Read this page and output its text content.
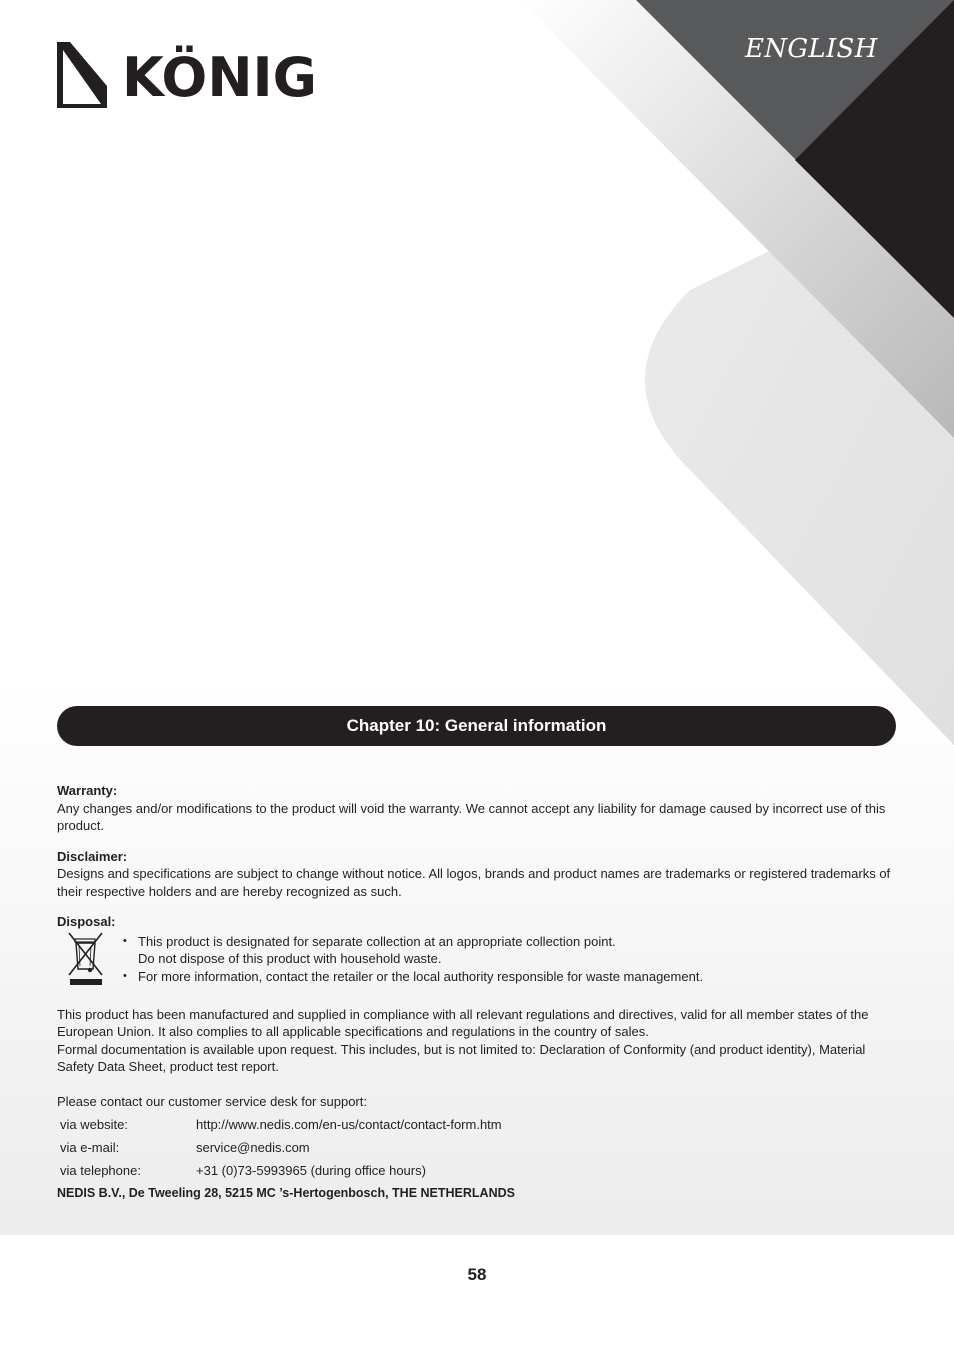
KÖNIG	ENGLISH
Chapter 10: General information
Warranty:

Any changes and/or modifications to the product will void the warranty. We cannot accept any liability for damage caused by incorrect use of this product.

Disclaimer:

Designs and specifications are subject to change without notice. All logos, brands and product names are trademarks or registered trademarks of their respective holders and are hereby recognized as such.

Disposal:
• This product is designated for separate collection at an appropriate collection point.
Do not dispose of this product with household waste.
• For more information, contact the retailer or the local authority responsible for waste management.

This product has been manufactured and supplied in compliance with all relevant regulations and directives, valid for all member states of the European Union. It also complies to all applicable specifications and regulations in the country of sales.

Formal documentation is available upon request. This includes, but is not limited to: Declaration of Conformity (and product identity), Material Safety Data Sheet, product test report.

Please contact our customer service desk for support:

via website:	http://www.nedis.com/en-us/contact/contact-form.htm
via e-mail:	service@nedis.com
via telephone:	+31 (0)73-5993965 (during office hours)
NEDIS B.V., De Tweeling 28, 5215 MC ’s-Hertogenbosch, THE NETHERLANDS
58
